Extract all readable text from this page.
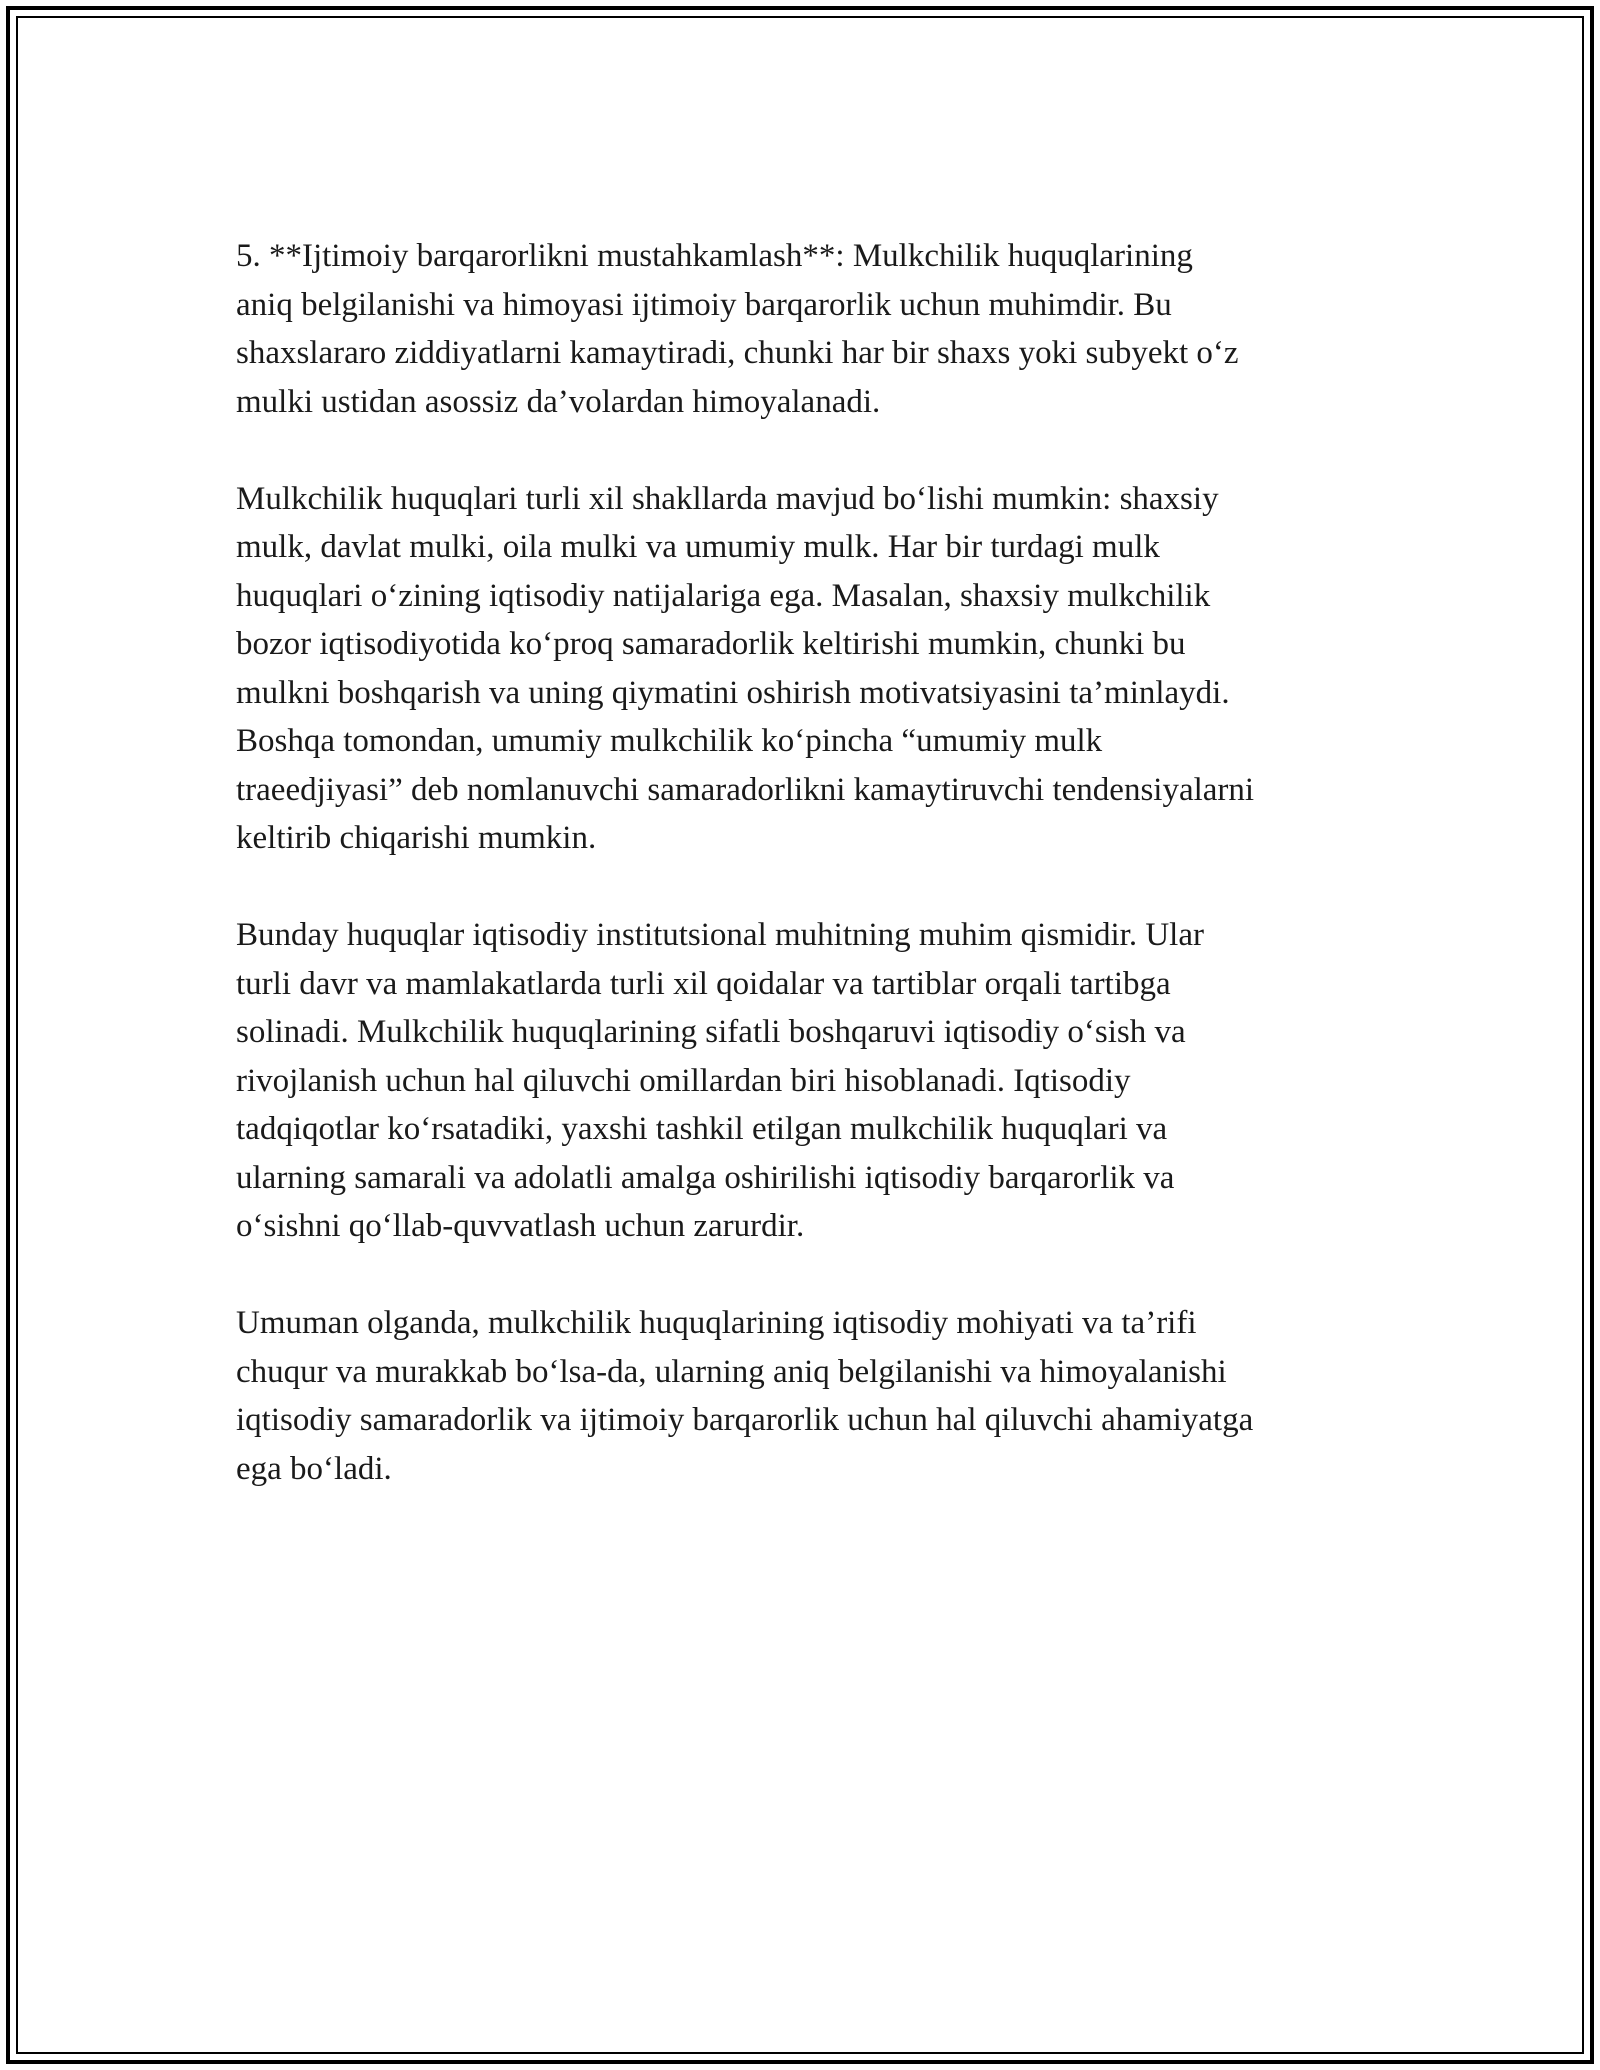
5. **Ijtimoiy barqarorlikni mustahkamlash**: Mulkchilik huquqlarining
aniq belgilanishi va himoyasi ijtimoiy barqarorlik uchun muhimdir. Bu
shaxslararo ziddiyatlarni kamaytiradi, chunki har bir shaxs yoki subyekt o‘z
mulki ustidan asossiz da’volardan himoyalanadi.

Mulkchilik huquqlari turli xil shakllarda mavjud bo‘lishi mumkin: shaxsiy
mulk, davlat mulki, oila mulki va umumiy mulk. Har bir turdagi mulk
huquqlari o‘zining iqtisodiy natijalariga ega. Masalan, shaxsiy mulkchilik
bozor iqtisodiyotida ko‘proq samaradorlik keltirishi mumkin, chunki bu
mulkni boshqarish va uning qiymatini oshirish motivatsiyasini ta’minlaydi.
Boshqa tomondan, umumiy mulkchilik ko‘pincha “umumiy mulk
traeedjiyasi” deb nomlanuvchi samaradorlikni kamaytiruvchi tendensiyalarni
keltirib chiqarishi mumkin.

Bunday huquqlar iqtisodiy institutsional muhitning muhim qismidir. Ular
turli davr va mamlakatlarda turli xil qoidalar va tartiblar orqali tartibga
solinadi. Mulkchilik huquqlarining sifatli boshqaruvi iqtisodiy o‘sish va
rivojlanish uchun hal qiluvchi omillardan biri hisoblanadi. Iqtisodiy
tadqiqotlar ko‘rsatadiki, yaxshi tashkil etilgan mulkchilik huquqlari va
ularning samarali va adolatli amalga oshirilishi iqtisodiy barqarorlik va
o‘sishni qo‘llab-quvvatlash uchun zarurdir.

Umuman olganda, mulkchilik huquqlarining iqtisodiy mohiyati va ta’rifi
chuqur va murakkab bo‘lsa-da, ularning aniq belgilanishi va himoyalanishi
iqtisodiy samaradorlik va ijtimoiy barqarorlik uchun hal qiluvchi ahamiyatga
ega bo‘ladi.
